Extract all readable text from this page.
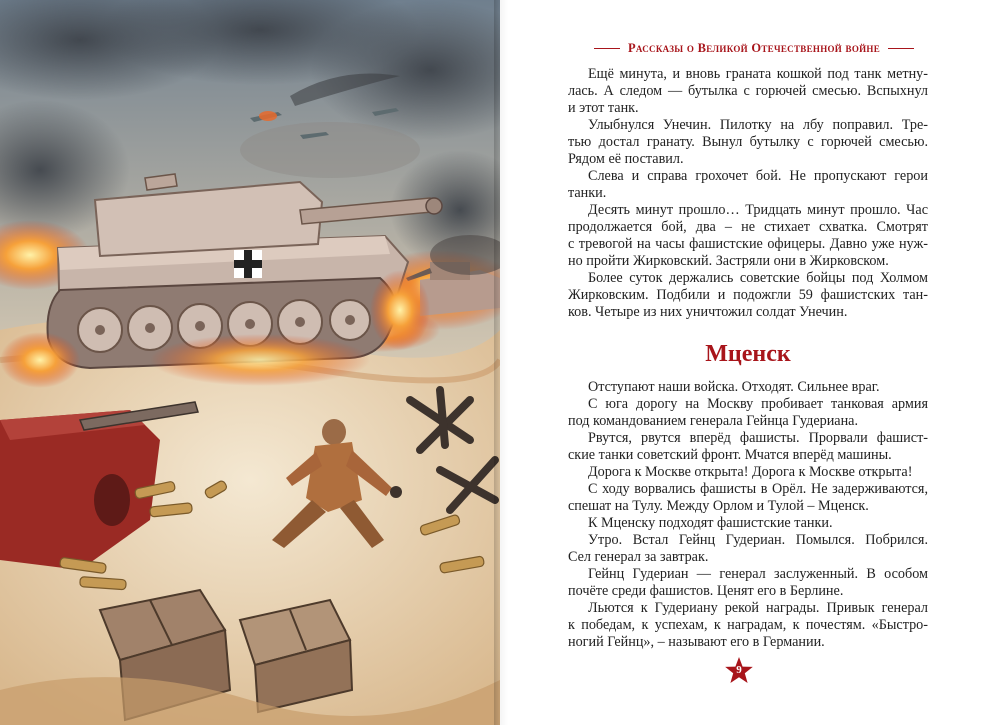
Рассказы о Великой Отечественной войне

Ещё минута, и вновь граната кошкой под танк метну-
лась. А следом — бутылка с горючей смесью. Вспыхнул
и этот танк.

Улыбнулся Унечин. Пилотку на лбу поправил. Тре-
тью достал гранату. Вынул бутылку с горючей смесью.
Рядом её поставил.

Слева и справа грохочет бой. Не пропускают герои
танки.

Десять минут прошло… Тридцать минут прошло. Час
продолжается бой, два – не стихает схватка. Смотрят
с тревогой на часы фашистские офицеры. Давно уже нуж-
но пройти Жирковский. Застряли они в Жирковском.

Более суток держались советские бойцы под Холмом
Жирковским. Подбили и подожгли 59 фашистских тан-
ков. Четыре из них уничтожил солдат Унечин.

Мценск

Отступают наши войска. Отходят. Сильнее враг.

С юга дорогу на Москву пробивает танковая армия
под командованием генерала Гейнца Гудериана.

Рвутся, рвутся вперёд фашисты. Прорвали фашист-
ские танки советский фронт. Мчатся вперёд машины.

Дорога к Москве открыта! Дорога к Москве открыта!

С ходу ворвались фашисты в Орёл. Не задерживаются,
спешат на Тулу. Между Орлом и Тулой – Мценск.

К Мценску подходят фашистские танки.

Утро. Встал Гейнц Гудериан. Помылся. Побрился.
Сел генерал за завтрак.

Гейнц Гудериан — генерал заслуженный. В особом
почёте среди фашистов. Ценят его в Берлине.

Льются к Гудериану рекой награды. Привык генерал
к победам, к успехам, к наградам, к почестям. «Быстро-
ногий Гейнц», – называют его в Германии.

9
